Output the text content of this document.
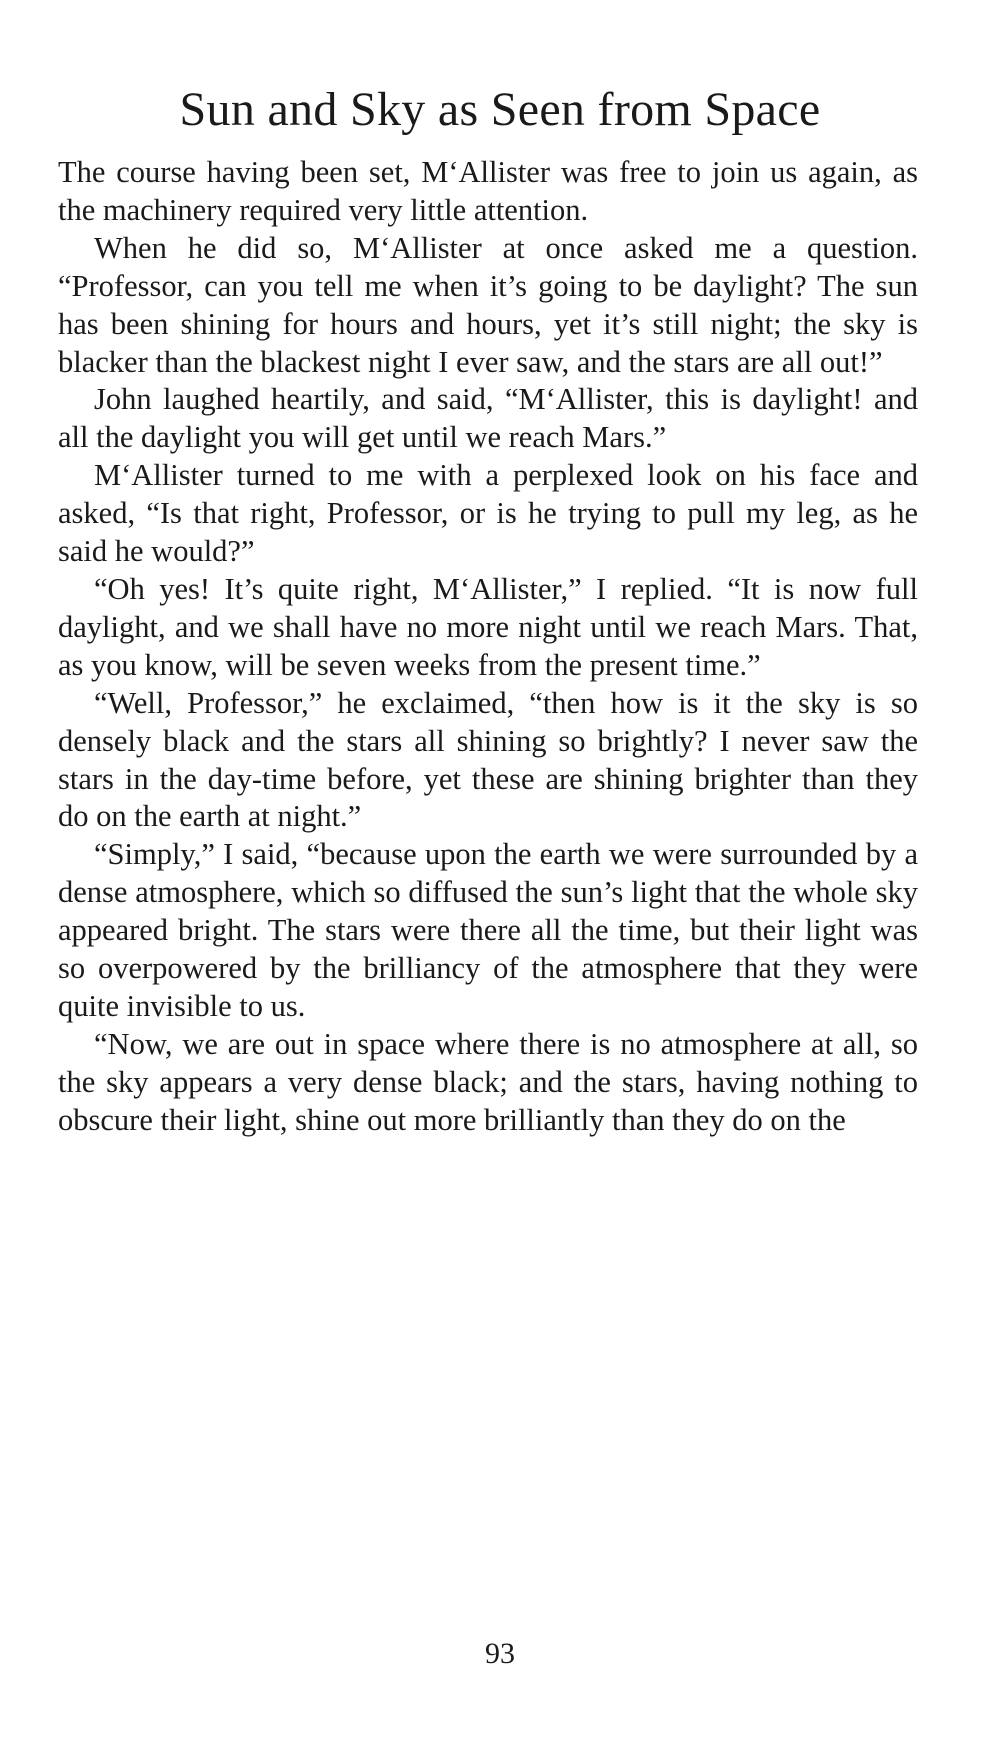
Sun and Sky as Seen from Space

The course having been set, M‘Allister was free to join us again, as the machinery required very little attention.

When he did so, M‘Allister at once asked me a question. “Professor, can you tell me when it’s going to be daylight? The sun has been shining for hours and hours, yet it’s still night; the sky is blacker than the blackest night I ever saw, and the stars are all out!”

John laughed heartily, and said, “M‘Allister, this is daylight! and all the daylight you will get until we reach Mars.”

M‘Allister turned to me with a perplexed look on his face and asked, “Is that right, Professor, or is he trying to pull my leg, as he said he would?”

“Oh yes! It’s quite right, M‘Allister,” I replied. “It is now full daylight, and we shall have no more night until we reach Mars. That, as you know, will be seven weeks from the present time.”

“Well, Professor,” he exclaimed, “then how is it the sky is so densely black and the stars all shining so brightly? I never saw the stars in the day-time before, yet these are shining brighter than they do on the earth at night.”

“Simply,” I said, “because upon the earth we were surrounded by a dense atmosphere, which so diffused the sun’s light that the whole sky appeared bright. The stars were there all the time, but their light was so overpowered by the brilliancy of the atmosphere that they were quite invisible to us.

“Now, we are out in space where there is no atmosphere at all, so the sky appears a very dense black; and the stars, having nothing to obscure their light, shine out more brilliantly than they do on the

93
